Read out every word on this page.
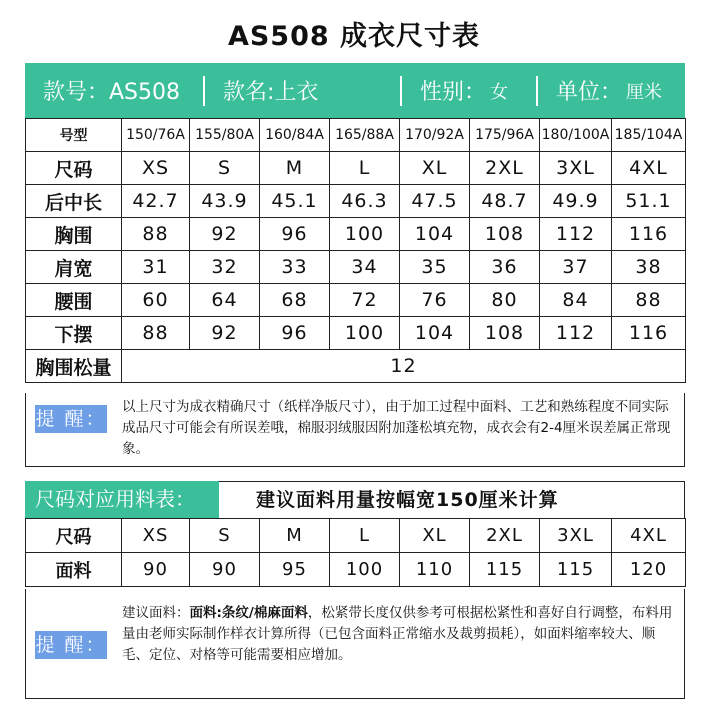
AS508 成衣尺寸表
款号：AS508	款名:上衣	性别： 女 单位： 厘米
号型	150/76A	155/80A	160/84A	165/88A	170/92A	175/96A	180/100A	185/104A
尺码	XS	S	M	L	XL	2XL	3XL	4XL
后中长	42.7	43.9	45.1	46.3	47.5	48.7	49.9	51.1
胸围	88	92	96	100	104	108	112	116
肩宽	31	32	33	34	35	36	37	38
腰围	60	64	68	72	76	80	84	88
下摆	88	92	96	100	104	108	112	116
胸围松量	12							
提 醒：
以上尺寸为成衣精确尺寸（纸样净版尺寸），由于加工过程中面料、工艺和熟练程度不同实际成品尺寸可能会有所误差哦，棉服羽绒服因附加蓬松填充物，成衣会有2-4厘米误差属正常现象。
尺码对应用料表：	建议面料用量按幅宽150厘米计算
尺码	XS	S	M	L	XL	2XL	3XL	4XL
面料	90	90	95	100	110	115	115	120
提 醒：
建议面料：面料:条纹/棉麻面料，松紧带长度仅供参考可根据松紧性和喜好自行调整，布料用量由老师实际制作样衣计算所得（已包含面料正常缩水及裁剪损耗），如面料缩率较大、顺毛、定位、对格等可能需要相应增加。
